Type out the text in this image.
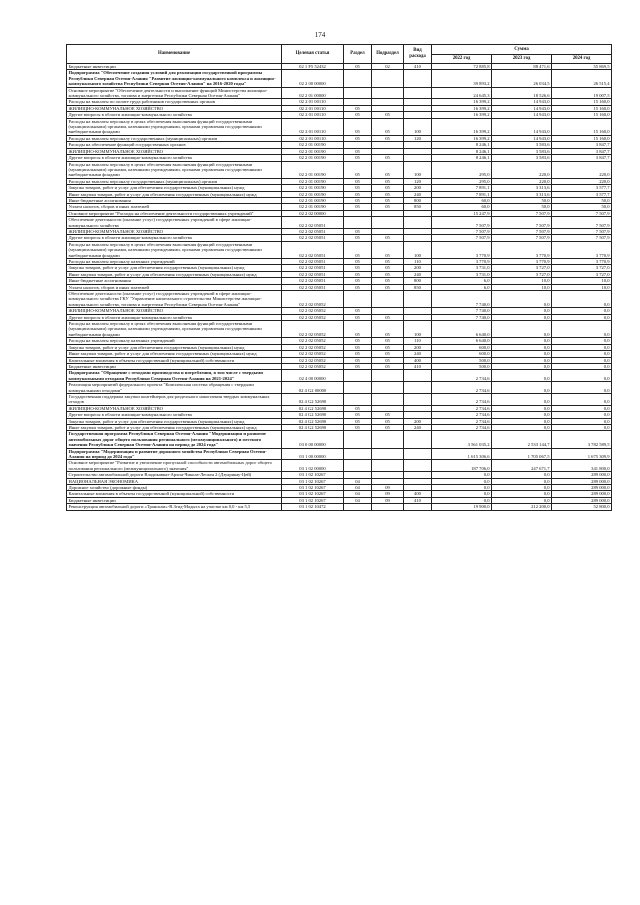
174
Наименование	Целевая статья	Раздел	Подраздел	Вид расхода	Сумма		
					2022 год	2023 год	2024 год
Бюджетные инвестиции	02 1 F5 52432	05	02	410	72 885,8	88 471,6	55 869,5
Подпрограмма "Обеспечение создания условий для реализации государственной программы Республики Северная Осетия-Алания "Развитие жилищно-коммунального комплекса и жилищно-коммунального хозяйства Республики Северная Осетия-Алания" на 2016-2020 годы"	02 2 00 00000				39 893,2	26 034,5	26 515,4
Основное мероприятие "Обеспечение деятельности и выполнение функций Министерства жилищно-коммунального хозяйства, топлива и энергетики Республики Северная Осетия-Алания"	02 2 01 00000				24 645,3	18 526,6	19 007,5
Расходы на выплаты по оплате труда работников государственных органов	02 2 01 00110				16 399,2	14 943,0	15 160,0
ЖИЛИЩНО-КОММУНАЛЬНОЕ ХОЗЯЙСТВО	02 2 01 00110	05			16 399,2	14 943,0	15 160,0
Другие вопросы в области жилищно-коммунального хозяйства	02 2 01 00110	05	05		16 399,2	14 943,0	15 160,0
Расходы на выплаты персоналу в целях обеспечения выполнения функций государственными (муниципальными) органами, казенными учреждениями, органами управления государственными внебюджетными фондами	02 2 01 00110	05	05	100	16 399,2	14 943,0	15 160,0
Расходы на выплаты персоналу государственных (муниципальных) органов	02 2 01 00110	05	05	120	16 399,2	14 943,0	15 160,0
Расходы на обеспечение функций государственных органов	02 2 01 00190				8 246,1	3 583,6	3 847,7
ЖИЛИЩНО-КОММУНАЛЬНОЕ ХОЗЯЙСТВО	02 2 01 00190	05			8 246,1	3 583,6	3 847,7
Другие вопросы в области жилищно-коммунального хозяйства	02 2 01 00190	05	05		8 246,1	3 583,6	3 847,7
Расходы на выплаты персоналу в целях обеспечения выполнения функций государственными (муниципальными) органами, казенными учреждениями, органами управления государственными внебюджетными фондами	02 2 01 00190	05	05	100	295,0	220,0	220,0
Расходы на выплаты персоналу государственных (муниципальных) органов	02 2 01 00190	05	05	120	295,0	220,0	220,0
Закупка товаров, работ и услуг для обеспечения государственных (муниципальных) нужд	02 2 01 00190	05	05	200	7 891,1	3 313,6	3 577,7
Иные закупки товаров, работ и услуг для обеспечения государственных (муниципальных) нужд	02 2 01 00190	05	05	240	7 891,1	3 313,6	3 577,7
Иные бюджетные ассигнования	02 2 01 00190	05	05	800	60,0	50,0	50,0
Уплата налогов, сборов и иных платежей	02 2 01 00190	05	05	850	60,0	50,0	50,0
Основное мероприятие "Расходы на обеспечение деятельности государственных учреждений"	02 2 02 00000				15 247,9	7 507,9	7 507,9
Обеспечение деятельности (оказание услуг) государственных учреждений в сфере жилищно-коммунального хозяйства	02 2 02 05051				7 507,9	7 507,9	7 507,9
ЖИЛИЩНО-КОММУНАЛЬНОЕ ХОЗЯЙСТВО	02 2 02 05051	05			7 507,9	7 507,9	7 507,9
Другие вопросы в области жилищно-коммунального хозяйства	02 2 02 05051	05	05		7 507,9	7 507,9	7 507,9
Расходы на выплаты персоналу в целях обеспечения выполнения функций государственными (муниципальными) органами, казенными учреждениями, органами управления государственными внебюджетными фондами	02 2 02 05051	05	05	100	3 770,9	3 770,9	3 770,9
Расходы на выплаты персоналу казенных учреждений	02 2 02 05051	05	05	110	3 770,9	3 770,9	3 770,9
Закупка товаров, работ и услуг для обеспечения государственных (муниципальных) нужд	02 2 02 05051	05	05	200	3 731,0	3 727,0	3 727,0
Иные закупки товаров, работ и услуг для обеспечения государственных (муниципальных) нужд	02 2 02 05051	05	05	240	3 731,0	3 727,0	3 727,0
Иные бюджетные ассигнования	02 2 02 05051	05	05	800	6,0	10,0	10,0
Уплата налогов, сборов и иных платежей	02 2 02 05051	05	05	850	6,0	10,0	10,0
Обеспечение деятельности (оказание услуг) государственных учреждений в сфере жилищно-коммунального хозяйства ГКУ "Управление капитального строительства Министерства жилищно-коммунального хозяйства, топлива и энергетики Республики Северная Осетия-Алания"	02 2 02 05052				7 740,0	0,0	0,0
ЖИЛИЩНО-КОММУНАЛЬНОЕ ХОЗЯЙСТВО	02 2 02 05052	05			7 740,0	0,0	0,0
Другие вопросы в области жилищно-коммунального хозяйства	02 2 02 05052	05	05		7 740,0	0,0	0,0
Расходы на выплаты персоналу в целях обеспечения выполнения функций государственными (муниципальными) органами, казенными учреждениями, органами управления государственными внебюджетными фондами	02 2 02 05052	05	05	100	6 640,0	0,0	0,0
Расходы на выплаты персоналу казенных учреждений	02 2 02 05052	05	05	110	6 640,0	0,0	0,0
Закупка товаров, работ и услуг для обеспечения государственных (муниципальных) нужд	02 2 02 05052	05	05	200	600,0	0,0	0,0
Иные закупки товаров, работ и услуг для обеспечения государственных (муниципальных) нужд	02 2 02 05052	05	05	240	600,0	0,0	0,0
Капитальные вложения в объекты государственной (муниципальной) собственности	02 2 02 05052	05	05	400	500,0	0,0	0,0
Бюджетные инвестиции	02 2 02 05052	05	05	410	500,0	0,0	0,0
Подпрограмма "Обращение с отходами производства и потребления, в том числе с твердыми коммунальными отходами Республики Северная Осетия-Алания на 2021-2024"	02 4 00 00000				2 734,6	0,0	0,0
Реализация мероприятий федерального проекта "Комплексная система обращения с твердыми коммунальными отходами"	02 4 G2 00000				2 734,6	0,0	0,0
Государственная поддержка закупки контейнеров для раздельного накопления твердых коммунальных отходов	02 4 G2 52690				2 734,6	0,0	0,0
ЖИЛИЩНО-КОММУНАЛЬНОЕ ХОЗЯЙСТВО	02 4 G2 52690	05			2 734,6	0,0	0,0
Другие вопросы в области жилищно-коммунального хозяйства	02 4 G2 52690	05	05		2 734,6	0,0	0,0
Закупка товаров, работ и услуг для обеспечения государственных (муниципальных) нужд	02 4 G2 52690	05	05	200	2 734,6	0,0	0,0
Иные закупки товаров, работ и услуг для обеспечения государственных (муниципальных) нужд	02 4 G2 52690	05	05	240	2 734,6	0,0	0,0
Государственная программа Республики Северная Осетия-Алания "Модернизация и развитие автомобильных дорог общего пользования регионального (межмуниципального) и местного значения Республики Северная Осетия-Алания на период до 2024 года"	03 0 00 00000				3 561 035,2	2 533 144,7	3 782 589,5
Подпрограмма "Модернизация и развитие дорожного хозяйства Республики Северная Осетия-Алания на период до 2024 года"	03 1 00 00000				1 615 306,6	1 705 067,5	1 675 309,9
Основное мероприятие "Развитие и увеличение пропускной способности автомобильных дорог общего пользования регионального (межмуниципального) значения"	03 1 02 00000				187 706,0	247 671,7	341 800,0
Строительство автомобильной дороги Владикавказ-Архон-Чикола-Лескен 2 (Дзуарикау-Цей)	03 1 02 10267				0,0	0,0	289 000,0
НАЦИОНАЛЬНАЯ ЭКОНОМИКА	03 1 02 10267	04			0,0	0,0	289 000,0
Дорожное хозяйство (дорожные фонды)	03 1 02 10267	04	09		0,0	0,0	289 000,0
Капитальные вложения в объекты государственной (муниципальной) собственности	03 1 02 10267	04	09	400	0,0	0,0	289 000,0
Бюджетные инвестиции	03 1 02 10267	04	09	410	0,0	0,0	289 000,0
Реконструкция автомобильной дороги «Транскам»-В.Згид-Мадыта на участке км 0,0 - км 5,5	03 1 02 10472				19 900,0	212 200,0	52 800,0
